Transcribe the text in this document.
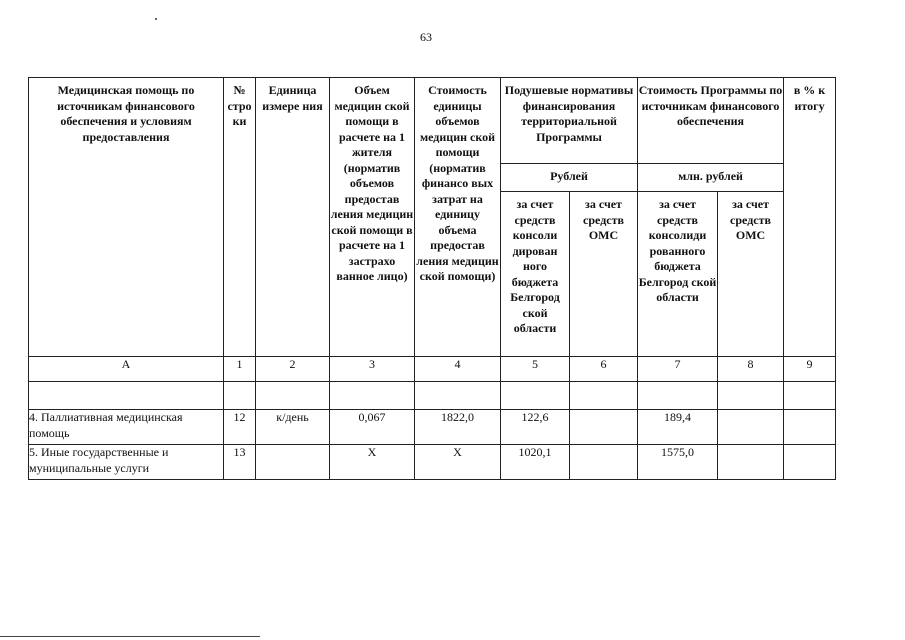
63
Медицинская помощь по источникам финансового обеспечения и условиям предоставления	№ стро ки	Единица измере ния	Объем медицин ской помощи в расчете на 1 жителя (норматив объемов предостав ления медицин ской помощи в расчете на 1 застрахо ванное лицо)	Стоимость единицы объемов медицин ской помощи (норматив финансо вых затрат на единицу объема предостав ления медицин ской помощи)	Подушевые нормативы финансирования территориальной Программы		Стоимость Программы по источникам финансового обеспечения		в % к итогу
					Рублей		млн. рублей		
					за счет средств консоли дирован ного бюджета Белгород ской области	за счет средств ОМС	за счет средств консолиди рованного бюджета Белгород ской области	за счет средств ОМС	
А	1	2	3	4	5	6	7	8	9

4. Паллиативная медицинская помощь	12	к/день	0,067	1822,0	122,6		189,4		
5. Иные государственные и муниципальные услуги	13		Х	Х	1020,1		1575,0		
